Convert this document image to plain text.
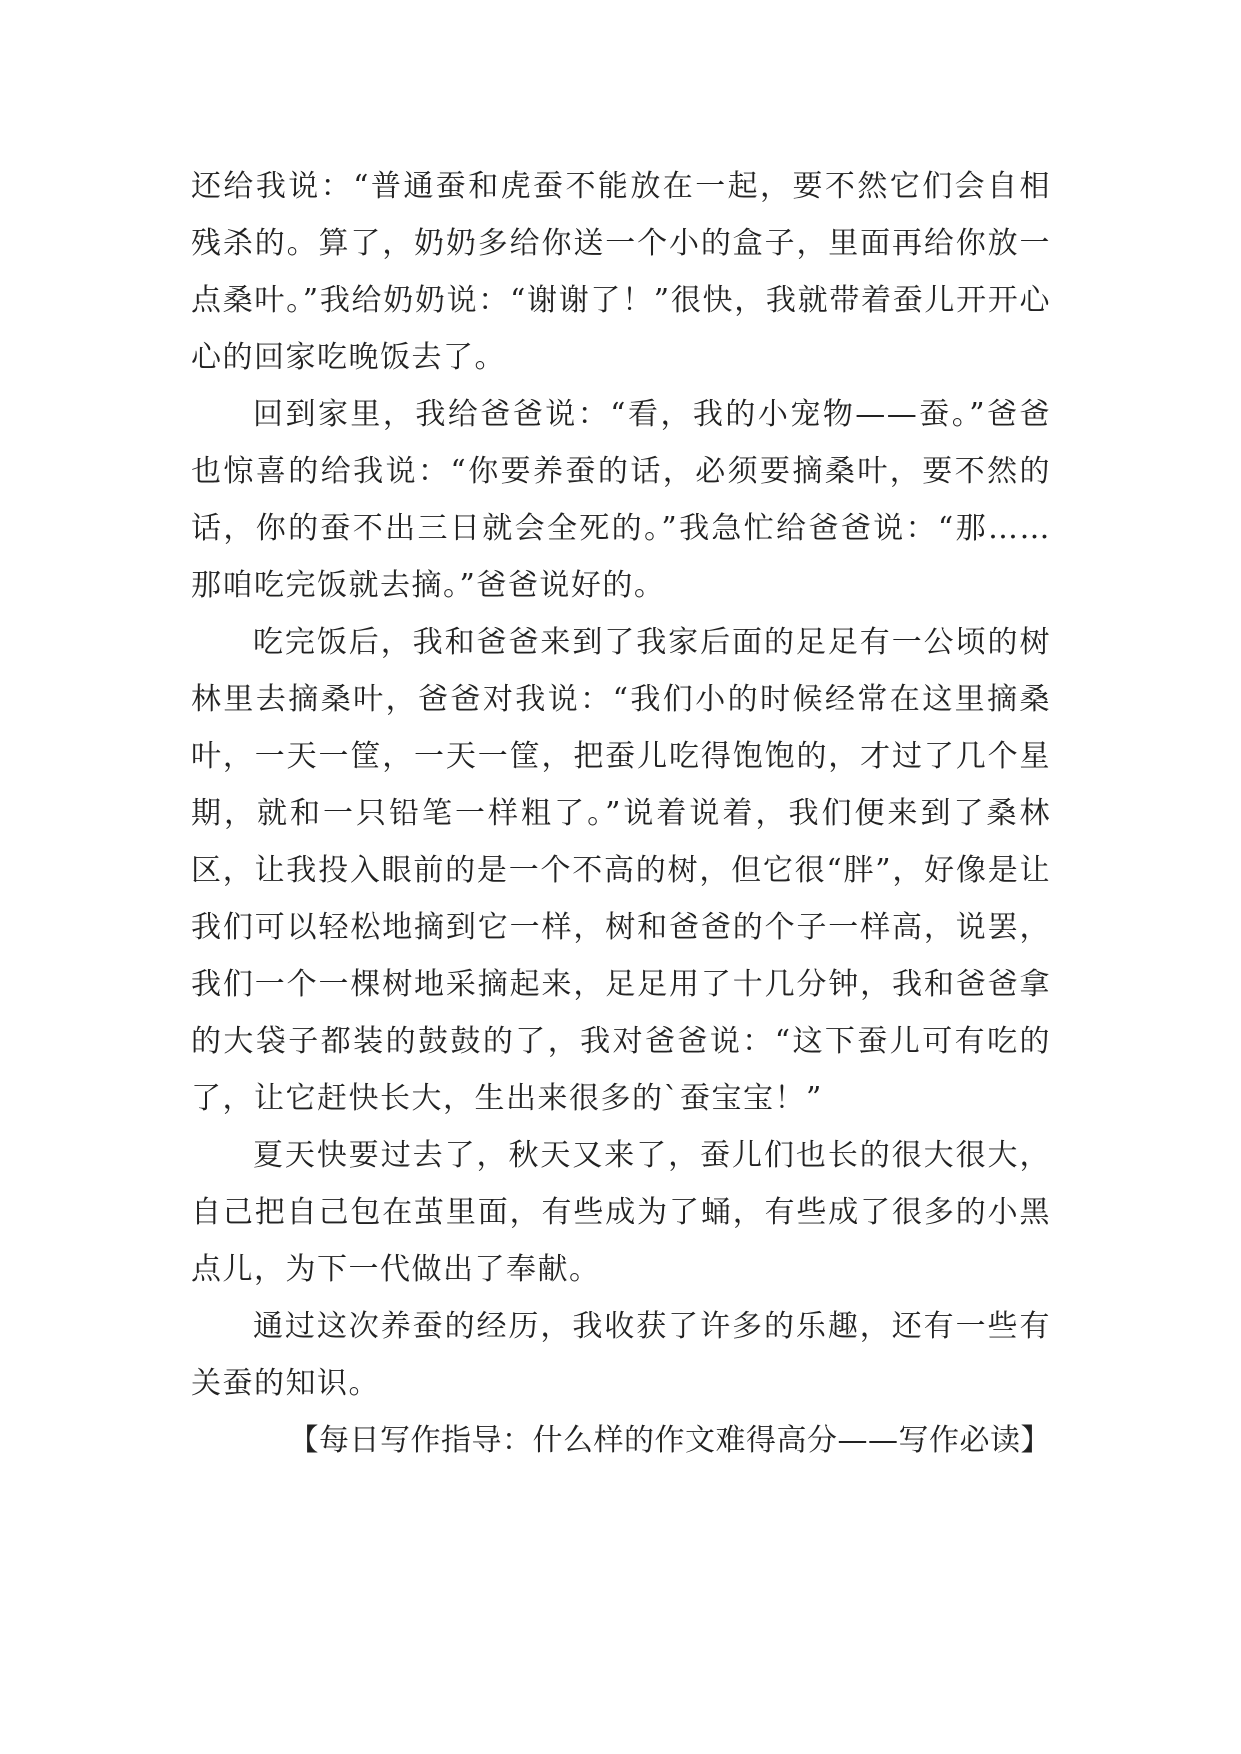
还给我说：“普通蚕和虎蚕不能放在一起，要不然它们会自相残杀的。算了，奶奶多给你送一个小的盒子，里面再给你放一点桑叶。”我给奶奶说：“谢谢了！”很快，我就带着蚕儿开开心心的回家吃晚饭去了。

回到家里，我给爸爸说：“看，我的小宠物——蚕。”爸爸也惊喜的给我说：“你要养蚕的话，必须要摘桑叶，要不然的话，你的蚕不出三日就会全死的。”我急忙给爸爸说：“那……那咱吃完饭就去摘。”爸爸说好的。

吃完饭后，我和爸爸来到了我家后面的足足有一公顷的树林里去摘桑叶，爸爸对我说：“我们小的时候经常在这里摘桑叶，一天一筐，一天一筐，把蚕儿吃得饱饱的，才过了几个星期，就和一只铅笔一样粗了。”说着说着，我们便来到了桑林区，让我投入眼前的是一个不高的树，但它很“胖”，好像是让我们可以轻松地摘到它一样，树和爸爸的个子一样高，说罢，我们一个一棵树地采摘起来，足足用了十几分钟，我和爸爸拿的大袋子都装的鼓鼓的了，我对爸爸说：“这下蚕儿可有吃的了，让它赶快长大，生出来很多的`蚕宝宝！”

夏天快要过去了，秋天又来了，蚕儿们也长的很大很大，自己把自己包在茧里面，有些成为了蛹，有些成了很多的小黑点儿，为下一代做出了奉献。

通过这次养蚕的经历，我收获了许多的乐趣，还有一些有关蚕的知识。

【每日写作指导：什么样的作文难得高分——写作必读】
